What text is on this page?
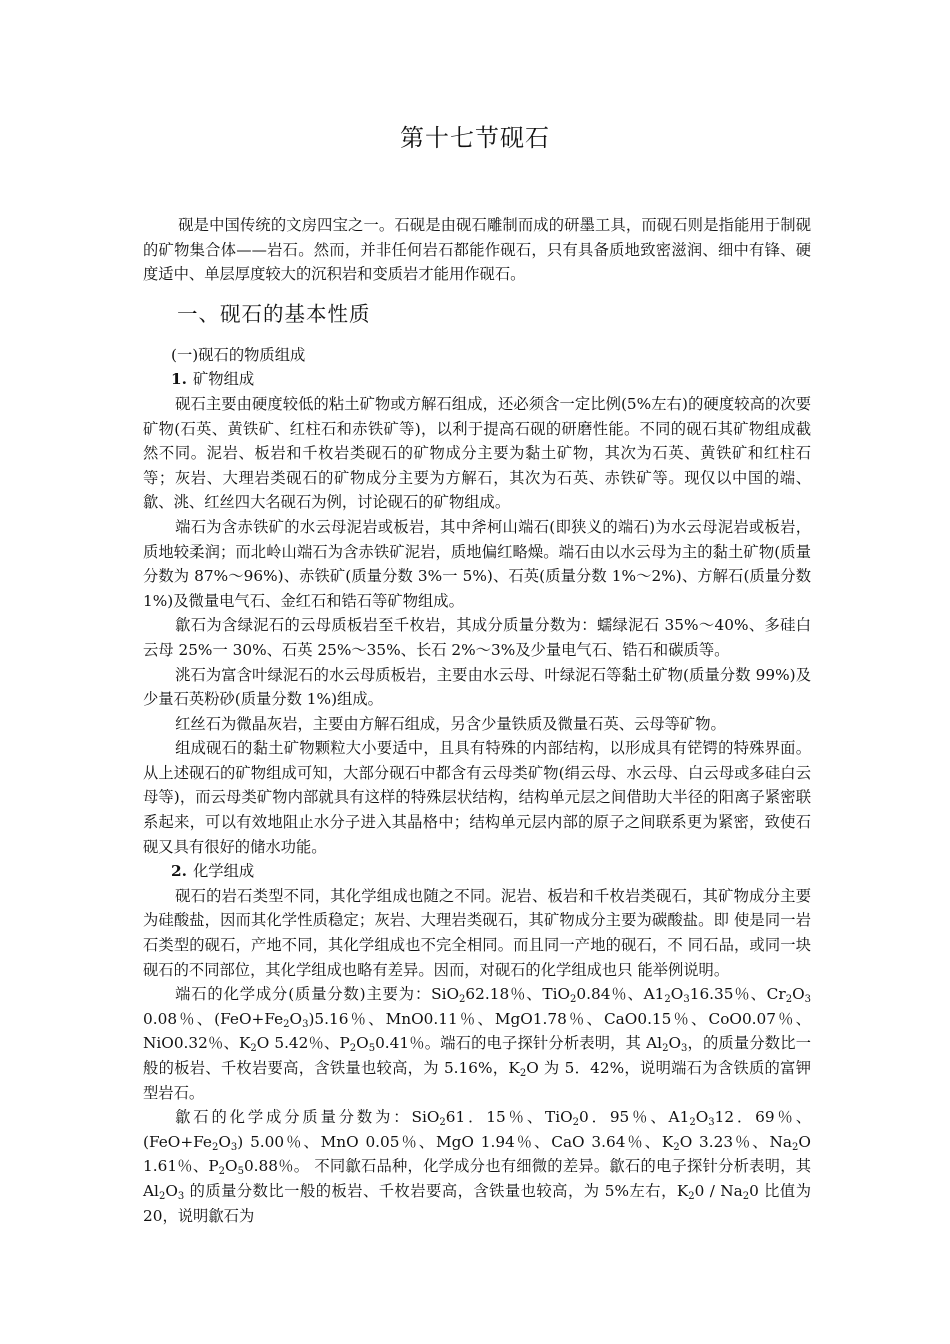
第十七节砚石

砚是中国传统的文房四宝之一。石砚是由砚石雕制而成的研墨工具，而砚石则是指能用于制砚的矿物集合体——岩石。然而，并非任何岩石都能作砚石，只有具备质地致密滋润、细中有锋、硬度适中、单层厚度较大的沉积岩和变质岩才能用作砚石。

一、砚石的基本性质
(一)砚石的物质组成
1. 矿物组成

砚石主要由硬度较低的粘土矿物或方解石组成，还必须含一定比例(5%左右)的硬度较高的次要矿物(石英、黄铁矿、红柱石和赤铁矿等)，以利于提高石砚的研磨性能。不同的砚石其矿物组成截然不同。泥岩、板岩和千枚岩类砚石的矿物成分主要为黏土矿物，其次为石英、黄铁矿和红柱石等；灰岩、大理岩类砚石的矿物成分主要为方解石，其次为石英、赤铁矿等。现仅以中国的端、歙、洮、红丝四大名砚石为例，讨论砚石的矿物组成。

端石为含赤铁矿的水云母泥岩或板岩，其中斧柯山端石(即狭义的端石)为水云母泥岩或板岩，质地较柔润；而北岭山端石为含赤铁矿泥岩，质地偏红略燥。端石由以水云母为主的黏土矿物(质量分数为 87%～96%)、赤铁矿(质量分数 3%一 5%)、石英(质量分数 1%～2%)、方解石(质量分数 1%)及微量电气石、金红石和锆石等矿物组成。

歙石为含绿泥石的云母质板岩至千枚岩，其成分质量分数为：蠕绿泥石 35%～40%、多硅白云母 25%一 30%、石英 25%～35%、长石 2%～3%及少量电气石、锆石和碳质等。

洮石为富含叶绿泥石的水云母质板岩，主要由水云母、叶绿泥石等黏土矿物(质量分数 99%)及少量石英粉砂(质量分数 1%)组成。

红丝石为微晶灰岩，主要由方解石组成，另含少量铁质及微量石英、云母等矿物。

组成砚石的黏土矿物颗粒大小要适中，且具有特殊的内部结构，以形成具有铓锷的特殊界面。从上述砚石的矿物组成可知，大部分砚石中都含有云母类矿物(绢云母、水云母、白云母或多硅白云母等)，而云母类矿物内部就具有这样的特殊层状结构，结构单元层之间借助大半径的阳离子紧密联系起来，可以有效地阻止水分子进入其晶格中；结构单元层内部的原子之间联系更为紧密，致使石砚又具有很好的储水功能。

2. 化学组成

砚石的岩石类型不同，其化学组成也随之不同。泥岩、板岩和千枚岩类砚石，其矿物成分主要为硅酸盐，因而其化学性质稳定；灰岩、大理岩类砚石，其矿物成分主要为碳酸盐。即 使是同一岩石类型的砚石，产地不同，其化学组成也不完全相同。而且同一产地的砚石，不 同石品，或同一块砚石的不同部位，其化学组成也略有差异。因而，对砚石的化学组成也只 能举例说明。

端石的化学成分(质量分数)主要为：SiO$_2$62.18％、TiO$_2$0.84％、$A1_2O_316.35$％、$Cr_2O_3$ 0.08％、$(FeO+Fe_2O_3)5.16$％、MnO0.11％、MgO1.78％、CaO0.15％、CoO0.07％、NiO0.32％、$K_2O$ 5.42％、$P_2O_50.41$％。端石的电子探针分析表明，其 $Al_2O_3$，的质量分数比一般的板岩、千枚岩要高，含铁量也较高，为 5.16%，$K_2O$ 为 5．42%，说明端石为含铁质的富钾型岩石。

歙石的化学成分质量分数为：SiO$_2$61．15％、TiO$_2$0．95％、$A1_2O_312$．69％、$(FeO+Fe_2O_3)$ 5.00％、MnO 0.05％、MgO 1.94％、CaO 3.64％、$K_2O$ 3.23％、$Na_2O$ 1.61％、$P_2O_50.88$％。 不同歙石品种，化学成分也有细微的差异。歙石的电子探针分析表明，其 $Al_2O_3$ 的质量分数比一般的板岩、千枚岩要高，含铁量也较高，为 5%左右，$K_20 / Na_20$ 比值为 20，说明歙石为
